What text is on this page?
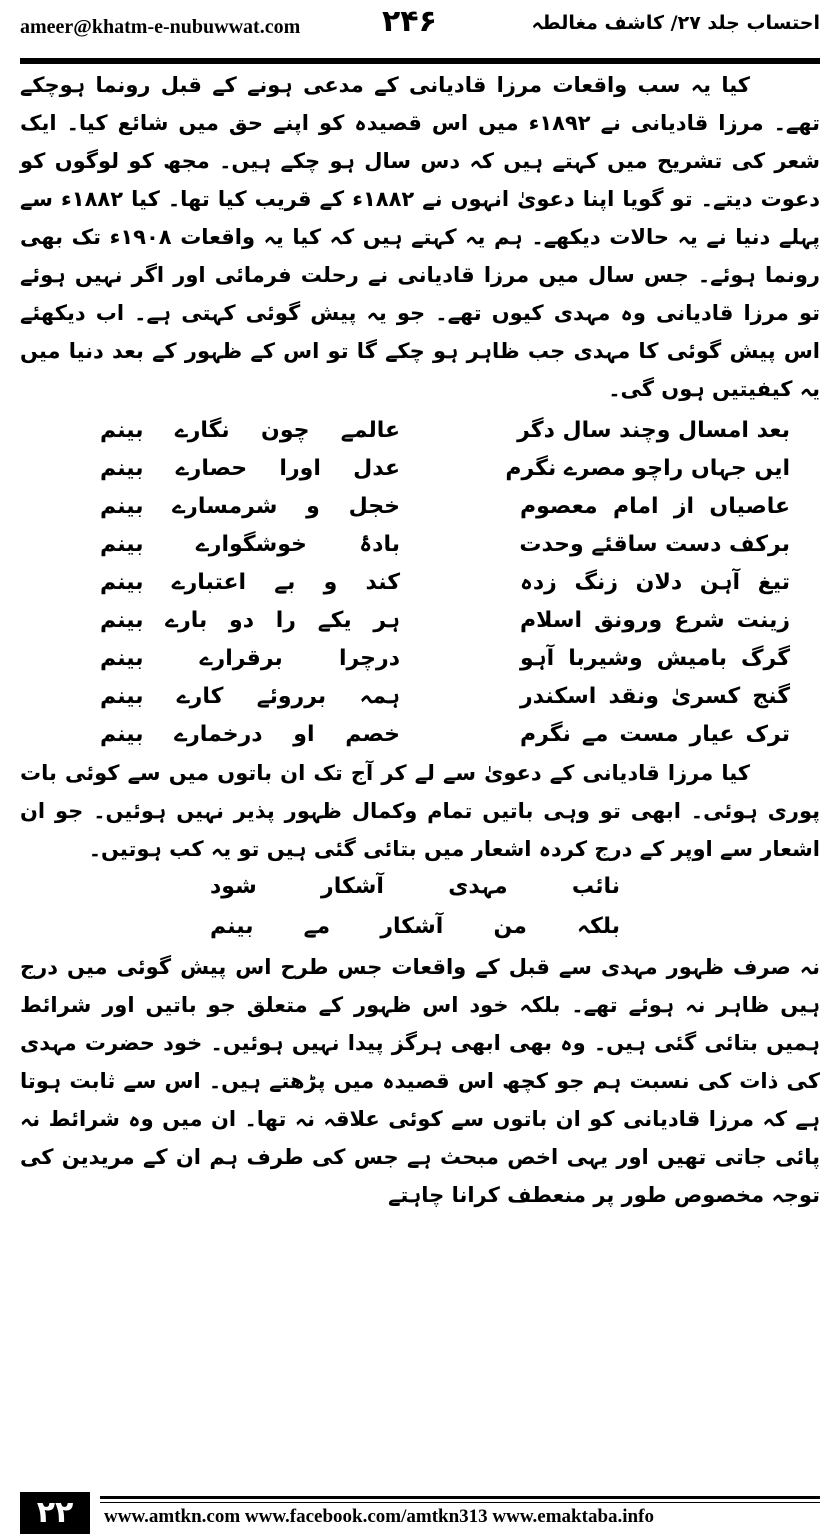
ameer@khatm-e-nubuwwat.com	۲۴۶	احتساب جلد ۲۷/ کاشف مغالطہ

کیا یہ سب واقعات مرزا قادیانی کے مدعی ہونے کے قبل رونما ہوچکے تھے۔ مرزا قادیانی نے ۱۸۹۲ء میں اس قصیدہ کو اپنے حق میں شائع کیا۔ ایک شعر کی تشریح میں کہتے ہیں کہ دس سال ہو چکے ہیں۔ مجھ کو لوگوں کو دعوت دیتے۔ تو گویا اپنا دعویٰ انہوں نے ۱۸۸۲ء کے قریب کیا تھا۔ کیا ۱۸۸۲ء سے پہلے دنیا نے یہ حالات دیکھے۔ ہم یہ کہتے ہیں کہ کیا یہ واقعات ۱۹۰۸ء تک بھی رونما ہوئے۔ جس سال میں مرزا قادیانی نے رحلت فرمائی اور اگر نہیں ہوئے تو مرزا قادیانی وہ مہدی کیوں تھے۔ جو یہ پیش گوئی کہتی ہے۔ اب دیکھئے اس پیش گوئی کا مہدی جب ظاہر ہو چکے گا تو اس کے ظہور کے بعد دنیا میں یہ کیفیتیں ہوں گی۔

بعد امسال وچند سال دگر
عالمے چون نگارے بینم
ایں جہاں راچو مصرے نگرم
عدل اورا حصارے بینم
عاصیاں از امام معصوم
خجل و شرمسارے بینم
برکف دست ساقئے وحدت
بادۂ خوشگوارے بینم
تیغ آہن دلان زنگ زدہ
کند و بے اعتبارے بینم
زینت شرع ورونق اسلام
ہر یکے را دو بارے بینم
گرگ بامیش وشیربا آہو
درچرا برقرارے بینم
گنج کسریٰ ونقد اسکندر
ہمہ برروئے کارے بینم
ترک عیار مست مے نگرم
خصم او درخمارے بینم

کیا مرزا قادیانی کے دعویٰ سے لے کر آج تک ان باتوں میں سے کوئی بات پوری ہوئی۔ ابھی تو وہی باتیں تمام وکمال ظہور پذیر نہیں ہوئیں۔ جو ان اشعار سے اوپر کے درج کردہ اشعار میں بتائی گئی ہیں تو یہ کب ہوتیں۔

نائب مہدی آشکار شود
بلکہ من آشکار مے بینم

نہ صرف ظہور مہدی سے قبل کے واقعات جس طرح اس پیش گوئی میں درج ہیں ظاہر نہ ہوئے تھے۔ بلکہ خود اس ظہور کے متعلق جو باتیں اور شرائط ہمیں بتائی گئی ہیں۔ وہ بھی ابھی ہرگز پیدا نہیں ہوئیں۔ خود حضرت مہدی کی ذات کی نسبت ہم جو کچھ اس قصیدہ میں پڑھتے ہیں۔ اس سے ثابت ہوتا ہے کہ مرزا قادیانی کو ان باتوں سے کوئی علاقہ نہ تھا۔ ان میں وہ شرائط نہ پائی جاتی تھیں اور یہی اخص مبحث ہے جس کی طرف ہم ان کے مریدین کی توجہ مخصوص طور پر منعطف کرانا چاہتے

۲۲	www.amtkn.com www.facebook.com/amtkn313 www.emaktaba.info
